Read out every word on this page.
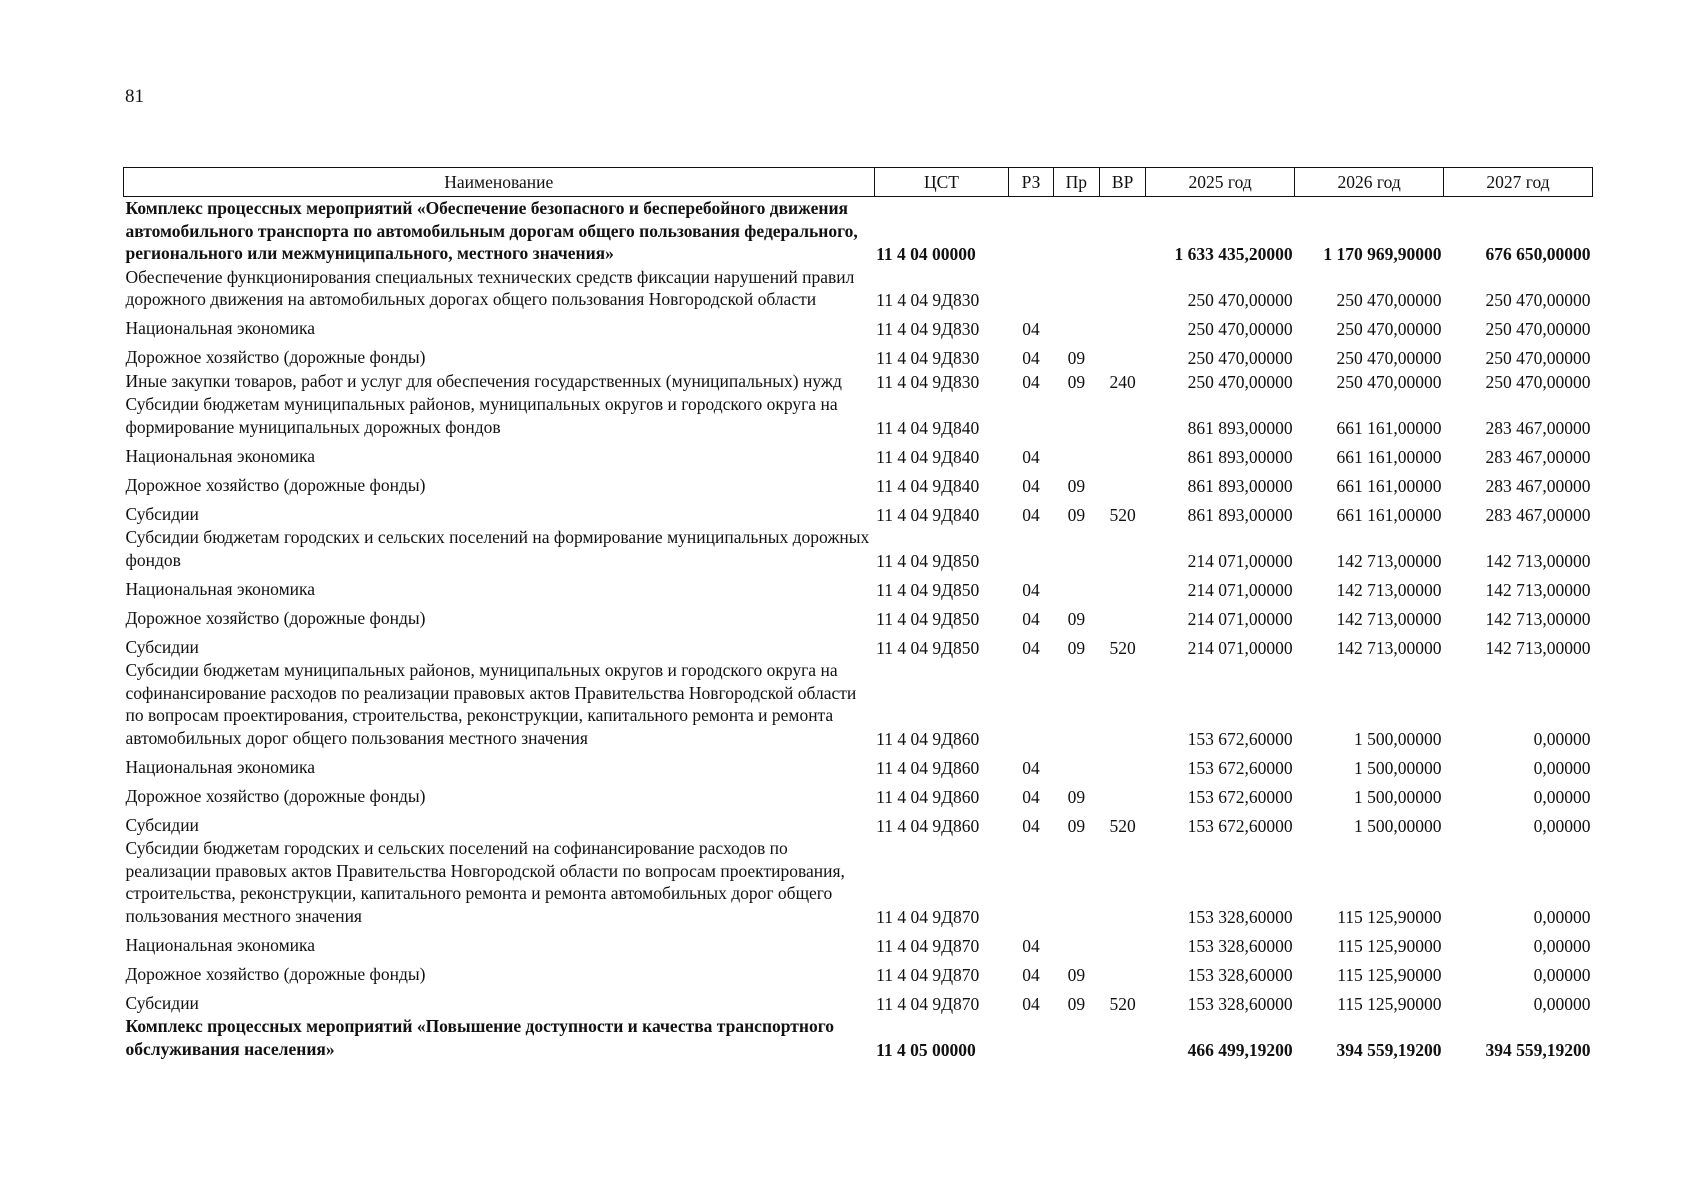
81
Наименование	ЦСТ	РЗ	Пр	ВР	2025 год	2026 год	2027 год
Комплекс процессных мероприятий «Обеспечение безопасного и бесперебойного движения автомобильного транспорта по автомобильным дорогам общего пользования федерального, регионального или межмуниципального, местного значения»	11 4 04 00000				1 633 435,20000	1 170 969,90000	676 650,00000
Обеспечение функционирования специальных технических средств фиксации нарушений правил дорожного движения на автомобильных дорогах общего пользования Новгородской области	11 4 04 9Д830				250 470,00000	250 470,00000	250 470,00000
Национальная экономика	11 4 04 9Д830	04			250 470,00000	250 470,00000	250 470,00000
Дорожное хозяйство (дорожные фонды)	11 4 04 9Д830	04	09		250 470,00000	250 470,00000	250 470,00000
Иные закупки товаров, работ и услуг для обеспечения государственных (муниципальных) нужд	11 4 04 9Д830	04	09	240	250 470,00000	250 470,00000	250 470,00000
Субсидии бюджетам муниципальных районов, муниципальных округов и городского округа на формирование муниципальных дорожных фондов	11 4 04 9Д840				861 893,00000	661 161,00000	283 467,00000
Национальная экономика	11 4 04 9Д840	04			861 893,00000	661 161,00000	283 467,00000
Дорожное хозяйство (дорожные фонды)	11 4 04 9Д840	04	09		861 893,00000	661 161,00000	283 467,00000
Субсидии	11 4 04 9Д840	04	09	520	861 893,00000	661 161,00000	283 467,00000
Субсидии бюджетам городских и сельских поселений на формирование муниципальных дорожных фондов	11 4 04 9Д850				214 071,00000	142 713,00000	142 713,00000
Национальная экономика	11 4 04 9Д850	04			214 071,00000	142 713,00000	142 713,00000
Дорожное хозяйство (дорожные фонды)	11 4 04 9Д850	04	09		214 071,00000	142 713,00000	142 713,00000
Субсидии	11 4 04 9Д850	04	09	520	214 071,00000	142 713,00000	142 713,00000
Субсидии бюджетам муниципальных районов, муниципальных округов и городского округа на софинансирование расходов по реализации правовых актов Правительства Новгородской области по вопросам проектирования, строительства, реконструкции, капитального ремонта и ремонта автомобильных дорог общего пользования местного значения	11 4 04 9Д860				153 672,60000	1 500,00000	0,00000
Национальная экономика	11 4 04 9Д860	04			153 672,60000	1 500,00000	0,00000
Дорожное хозяйство (дорожные фонды)	11 4 04 9Д860	04	09		153 672,60000	1 500,00000	0,00000
Субсидии	11 4 04 9Д860	04	09	520	153 672,60000	1 500,00000	0,00000
Субсидии бюджетам городских и сельских поселений на софинансирование расходов по реализации правовых актов Правительства Новгородской области по вопросам проектирования, строительства, реконструкции, капитального ремонта и ремонта автомобильных дорог общего пользования местного значения	11 4 04 9Д870				153 328,60000	115 125,90000	0,00000
Национальная экономика	11 4 04 9Д870	04			153 328,60000	115 125,90000	0,00000
Дорожное хозяйство (дорожные фонды)	11 4 04 9Д870	04	09		153 328,60000	115 125,90000	0,00000
Субсидии	11 4 04 9Д870	04	09	520	153 328,60000	115 125,90000	0,00000
Комплекс процессных мероприятий «Повышение доступности и качества транспортного обслуживания населения»	11 4 05 00000				466 499,19200	394 559,19200	394 559,19200
